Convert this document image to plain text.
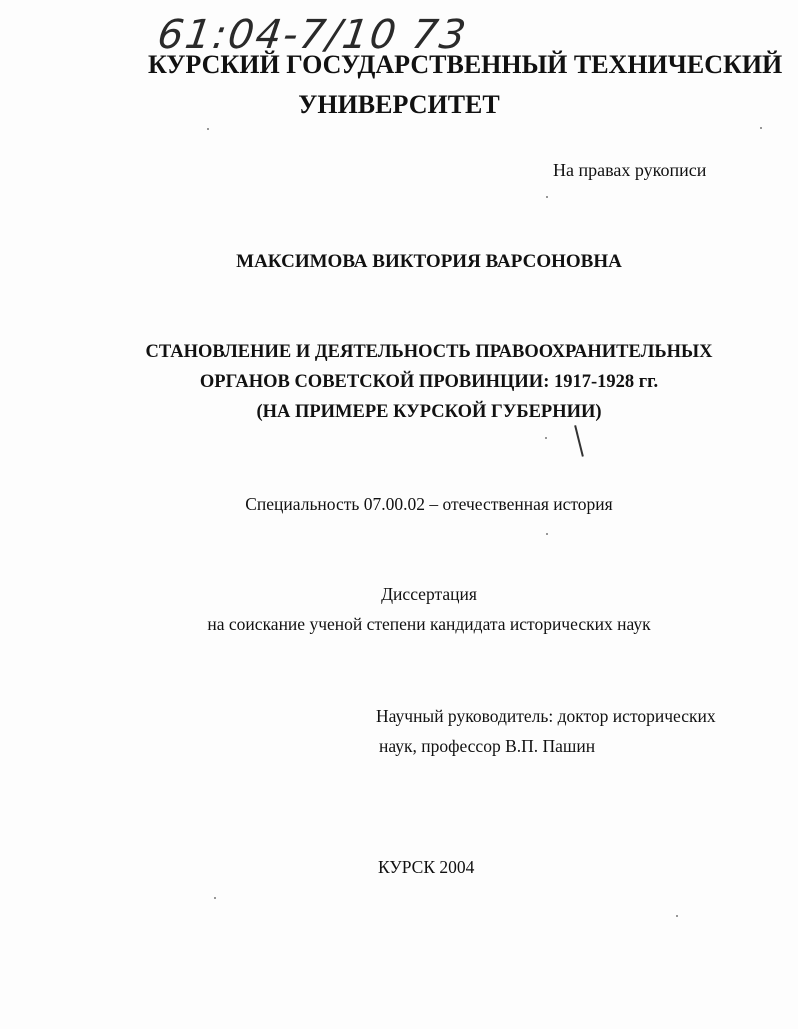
61:04-7/10 73
КУРСКИЙ ГОСУДАРСТВЕННЫЙ ТЕХНИЧЕСКИЙ
УНИВЕРСИТЕТ
На правах рукописи
МАКСИМОВА ВИКТОРИЯ ВАРСОНОВНА
СТАНОВЛЕНИЕ И ДЕЯТЕЛЬНОСТЬ ПРАВООХРАНИТЕЛЬНЫХ
ОРГАНОВ СОВЕТСКОЙ ПРОВИНЦИИ: 1917-1928 гг.
(НА ПРИМЕРЕ КУРСКОЙ ГУБЕРНИИ)
Специальность 07.00.02 – отечественная история
Диссертация
на соискание ученой степени кандидата исторических наук
Научный руководитель: доктор исторических
наук, профессор В.П. Пашин
КУРСК 2004
